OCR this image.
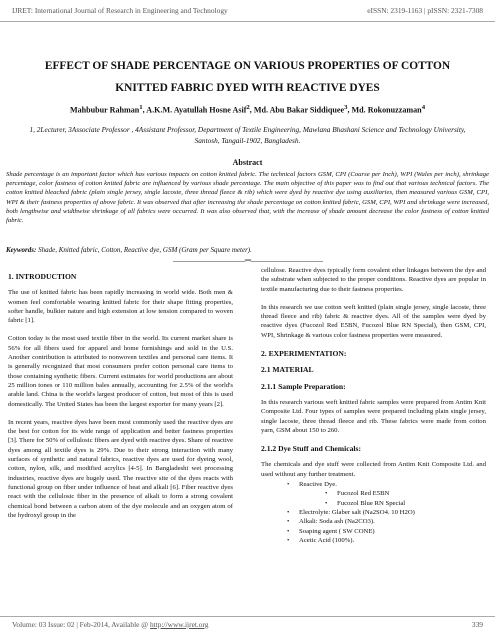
IJRET: International Journal of Research in Engineering and Technology	eISSN: 2319-1163 | pISSN: 2321-7308
EFFECT OF SHADE PERCENTAGE ON VARIOUS PROPERTIES OF COTTON KNITTED FABRIC DYED WITH REACTIVE DYES
Mahbubur Rahman$^1$, A.K.M. Ayatullah Hosne Asif$^2$, Md. Abu Bakar Siddiquee$^3$, Md. Rokonuzzaman$^4$
1, 2Lecturer, 3Associate Professor , 4Assistant Professor, Department of Textile Engineering, Mawlana Bhashani Science and Technology University, Santosh, Tangail-1902, Bangladesh.
Abstract
Shade percentage is an important factor which has various impacts on cotton knitted fabric. The technical factors GSM, CPI (Course per Inch), WPI (Wales per inch), shrinkage percentage, color fastness of cotton knitted fabric are influenced by various shade percentage. The main objective of this paper was to find out that various technical factors. The cotton knitted bleached fabric (plain single jersey, single lacoste, three thread fleece & rib) which were dyed by reactive dye using auxiliaries, then measured various GSM, CPI, WPI & their fastness properties of above fabric. It was observed that after increasing the shade percentage on cotton knitted fabric, GSM, CPI, WPI and shrinkage were increased, both lengthwise and widthwise shrinkage of all fabrics were occurred. It was also observed that, with the increase of shade amount decrease the color fastness of cotton knitted fabric.
Keywords: Shade, Knitted fabric, Cotton, Reactive dye, GSM (Gram per Square meter).
------------------------------------------------------------------------***------------------------------------------------------------------------
1. INTRODUCTION

The use of knitted fabric has been rapidly increasing in world wide. Both men & women feel comfortable wearing knitted fabric for their shape fitting properties, softer handle, bulkier nature and high extension at low tension compared to woven fabric [1].

Cotton today is the most used textile fiber in the world. Its current market share is 56% for all fibers used for apparel and home furnishings and sold in the U.S. Another contribution is attributed to nonwoven textiles and personal care items. It is generally recognized that most consumers prefer cotton personal care items to those containing synthetic fibers. Current estimates for world productions are about 25 million tones or 110 million bales annually, accounting for 2.5% of the world's arable land. China is the world's largest producer of cotton, but most of this is used domestically. The United States has been the largest exporter for many years [2].

In recent years, reactive dyes have been most commonly used the reactive dyes are the best for cotton for its wide range of application and better fastness properties [3]. There for 50% of cellulosic fibers are dyed with reactive dyes. Share of reactive dyes among all textile dyes is 29%. Due to their strong interaction with many surfaces of synthetic and natural fabrics, reactive dyes are used for dyeing wool, cotton, nylon, silk, and modified acrylics [4-5]. In Bangladeshi wet processing industries, reactive dyes are hugely used. The reactive site of the dyes reacts with functional group on fiber under influence of heat and alkali [6]. Fiber reactive dyes react with the cellulosic fiber in the presence of alkali to form a strong covalent chemical bond between a carbon atom of the dye molecule and an oxygen atom of the hydroxyl group in the

cellulose. Reactive dyes typically form covalent ether linkages between the dye and the substrate when subjected to the proper conditions. Reactive dyes are popular in textile manufacturing due to their fastness properties.

In this research we use cotton weft knitted (plain single jersey, single lacoste, three thread fleece and rib) fabric & reactive dyes. All of the samples were dyed by reactive dyes (Fucozol Red E5BN, Fucozol Blue RN Special), then GSM, CPI, WPI, Shrinkage & various color fastness properties were measured.

2. EXPERIMENTATION:
2.1 MATERIAL
2.1.1 Sample Preparation:

In this research various weft knitted fabric samples were prepared from Antim Knit Composite Ltd. Four types of samples were prepared including plain single jersey, single lacoste, three thread fleece and rib. These fabrics were made from cotton yarn, GSM about 150 to 260.

2.1.2 Dye Stuff and Chemicals:

The chemicals and dye stuff were collected from Antim Knit Composite Ltd. and used without any further treatment.

• Reactive Dye.
• Fucozol Red E5BN
• Fucozol Blue RN Special
• Electrolyte: Glaber salt (Na2SO4. 10 H2O)
• Alkali: Soda ash (Na2CO3).
• Soaping agent ( SW CONE)
• Acetic Acid (100%).
Volume: 03 Issue: 02 | Feb-2014, Available @ http://www.ijret.org	339
